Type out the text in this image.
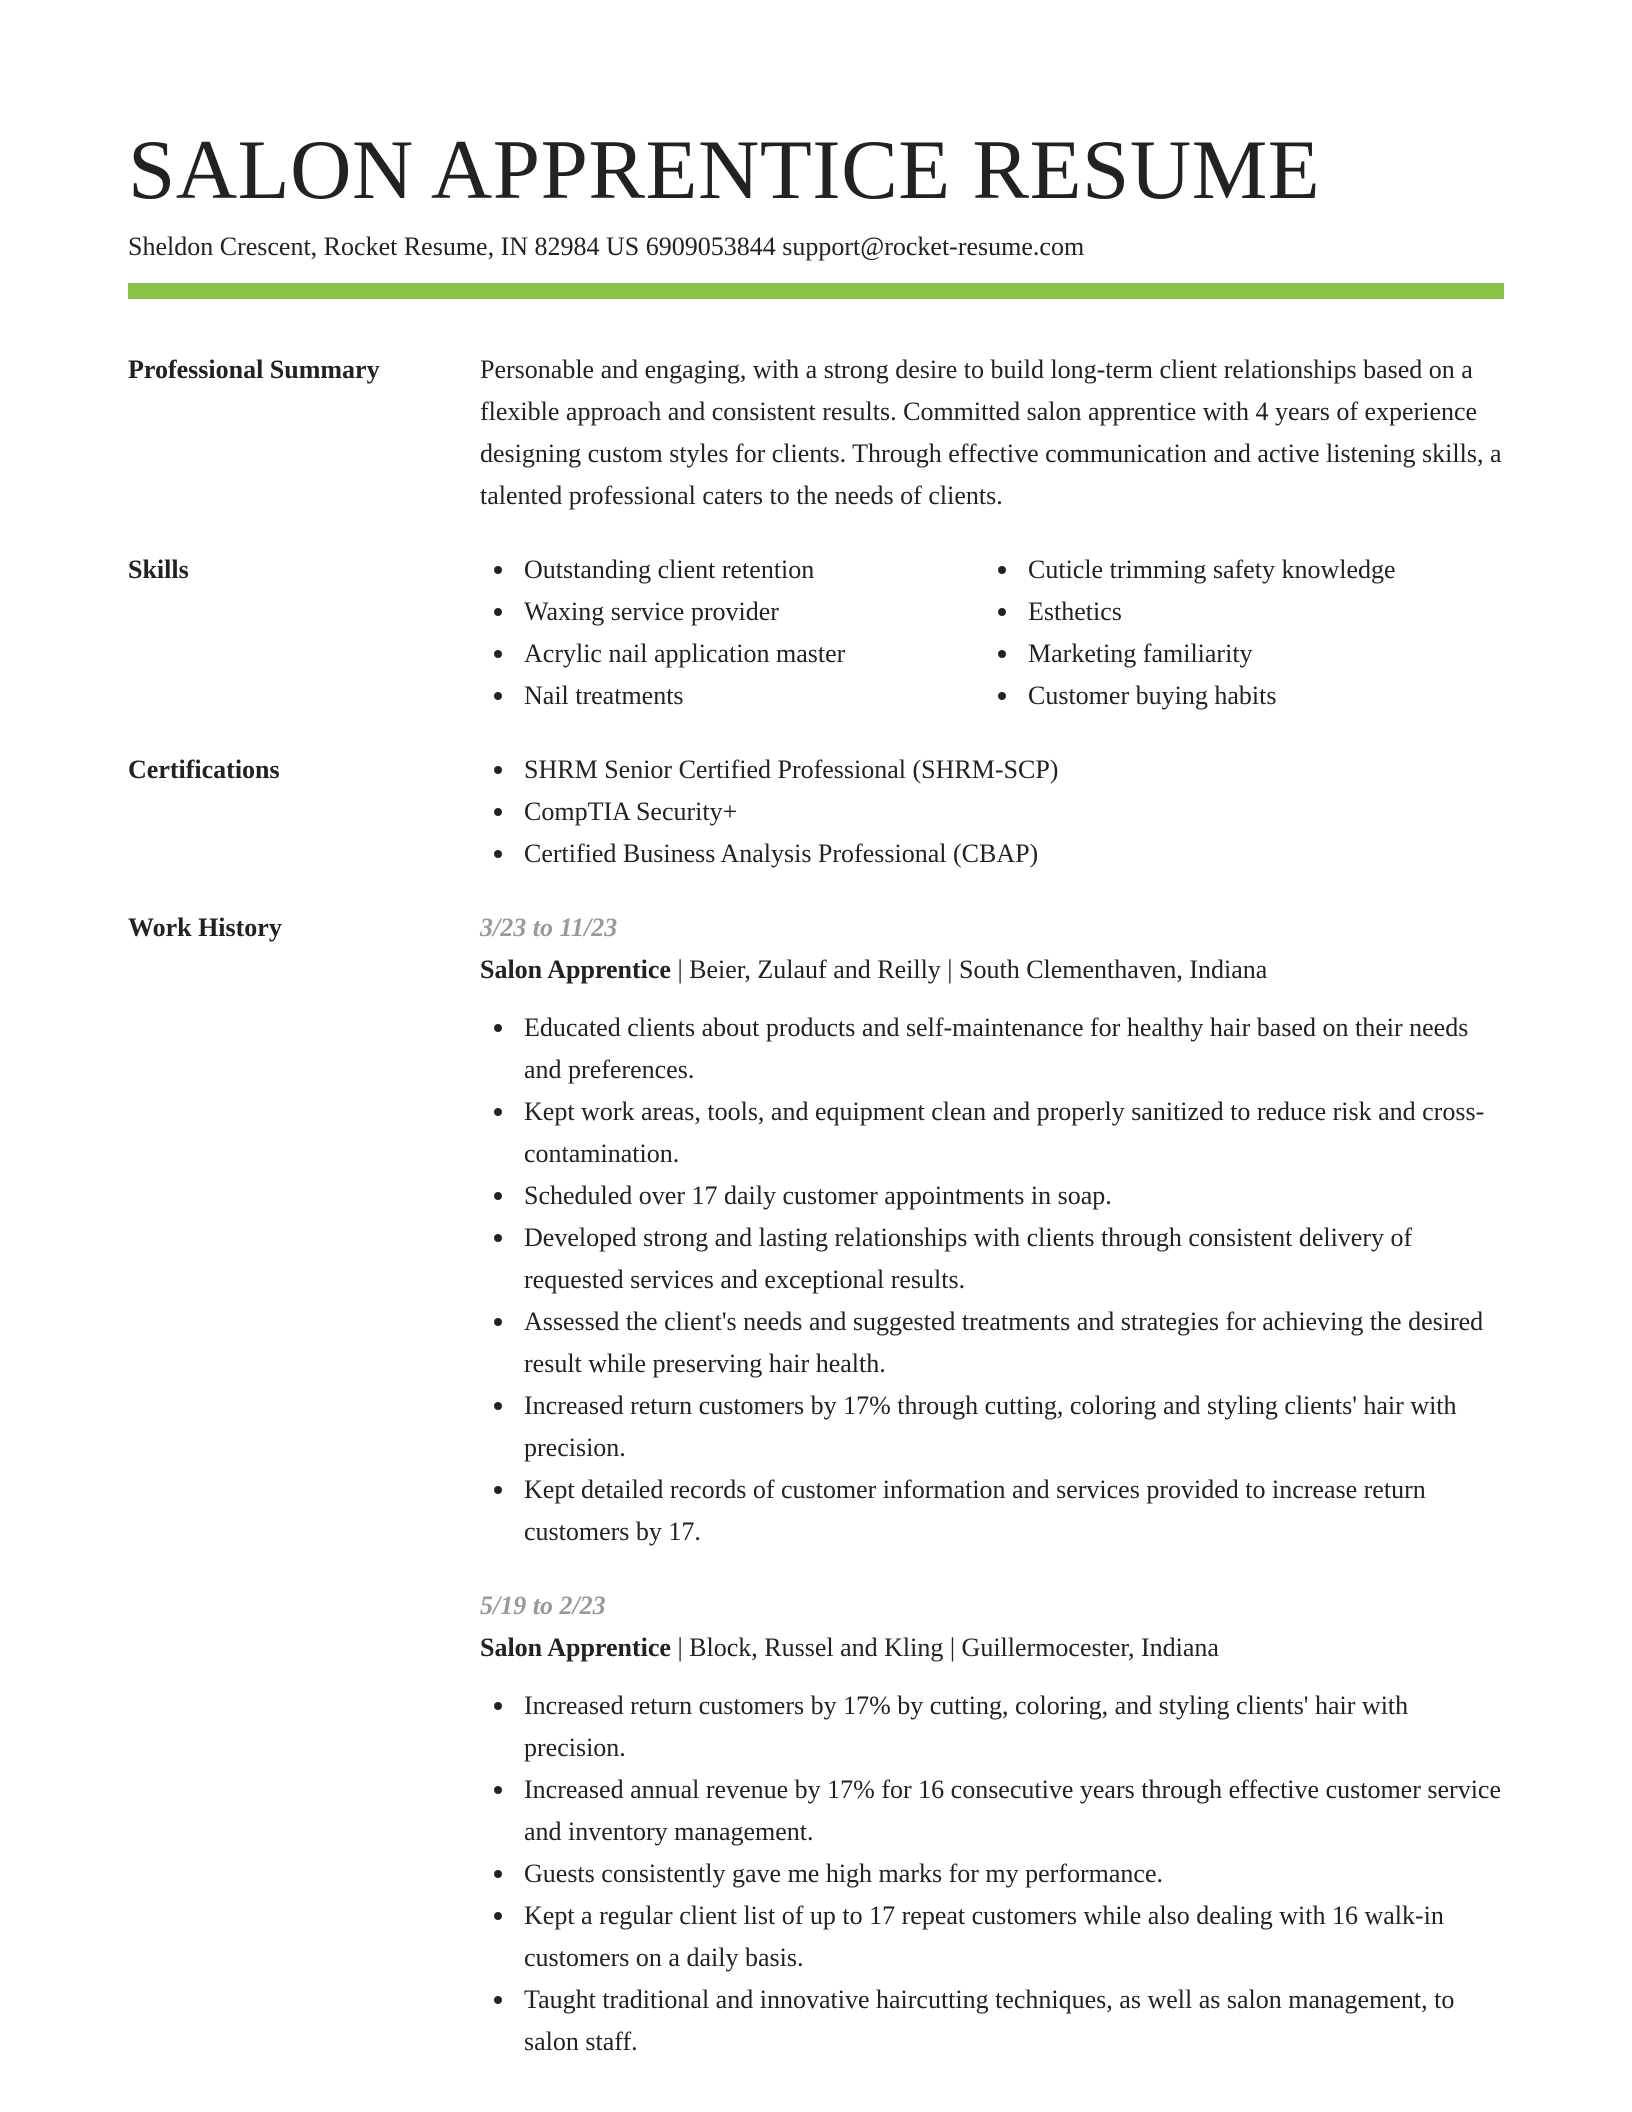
SALON APPRENTICE RESUME
Sheldon Crescent, Rocket Resume, IN 82984 US 6909053844 support@rocket-resume.com
Professional Summary	Personable and engaging, with a strong desire to build long-term client relationships based on a flexible approach and consistent results. Committed salon apprentice with 4 years of experience designing custom styles for clients. Through effective communication and active listening skills, a talented professional caters to the needs of clients.
Skills	Outstanding client retention
Waxing service provider
Acrylic nail application master
Nail treatments
Cuticle trimming safety knowledge
Esthetics
Marketing familiarity
Customer buying habits
Certifications	SHRM Senior Certified Professional (SHRM-SCP)
CompTIA Security+
Certified Business Analysis Professional (CBAP)
Work History	3/23 to 11/23
Salon Apprentice | Beier, Zulauf and Reilly | South Clementhaven, Indiana
Educated clients about products and self-maintenance for healthy hair based on their needs and preferences.
Kept work areas, tools, and equipment clean and properly sanitized to reduce risk and cross-contamination.
Scheduled over 17 daily customer appointments in soap.
Developed strong and lasting relationships with clients through consistent delivery of requested services and exceptional results.
Assessed the client's needs and suggested treatments and strategies for achieving the desired result while preserving hair health.
Increased return customers by 17% through cutting, coloring and styling clients' hair with precision.
Kept detailed records of customer information and services provided to increase return customers by 17.
5/19 to 2/23
Salon Apprentice | Block, Russel and Kling | Guillermocester, Indiana
Increased return customers by 17% by cutting, coloring, and styling clients' hair with precision.
Increased annual revenue by 17% for 16 consecutive years through effective customer service and inventory management.
Guests consistently gave me high marks for my performance.
Kept a regular client list of up to 17 repeat customers while also dealing with 16 walk-in customers on a daily basis.
Taught traditional and innovative haircutting techniques, as well as salon management, to salon staff.
